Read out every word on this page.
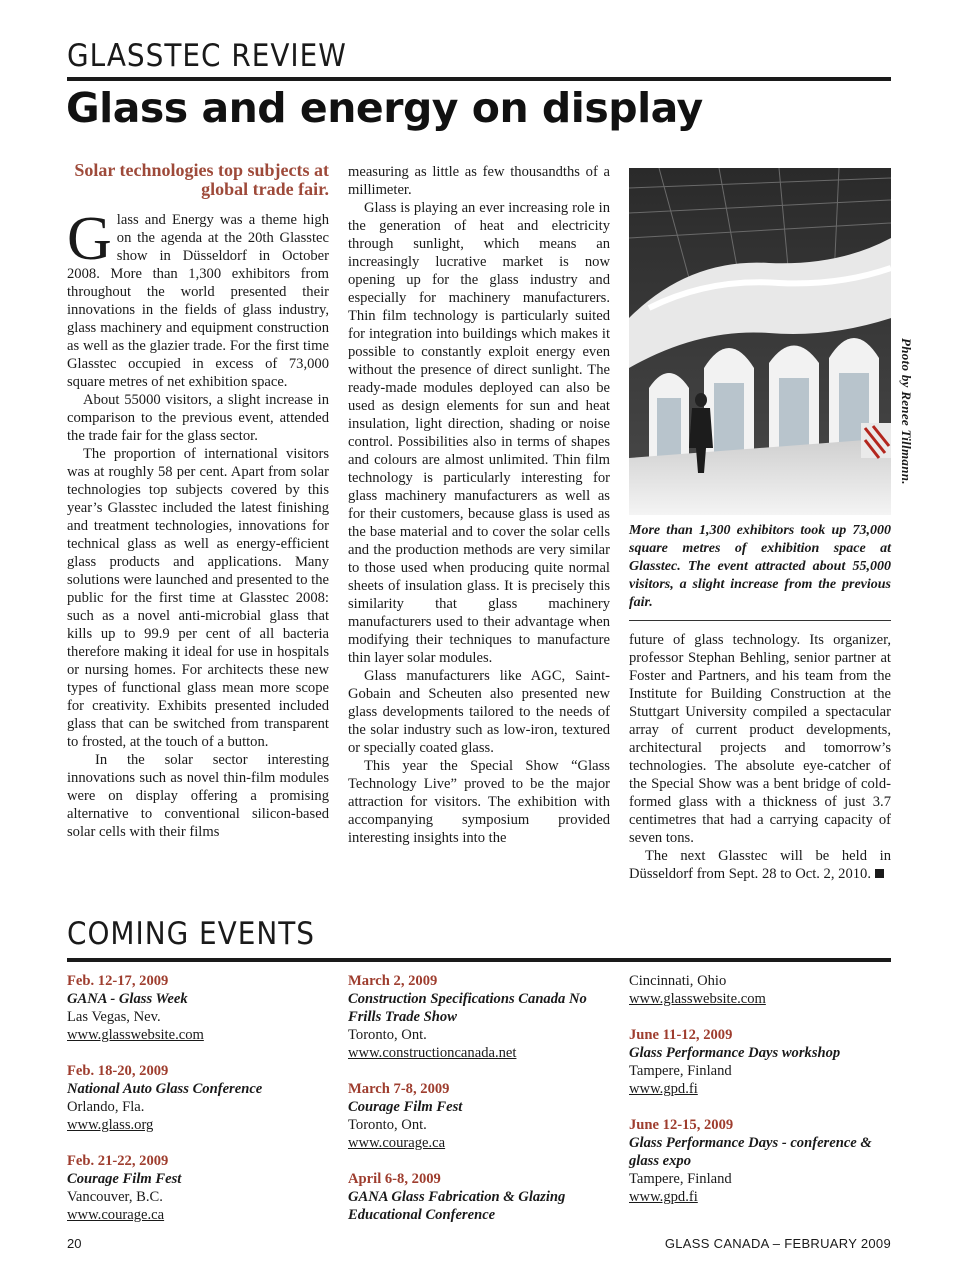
GLASSTEC REVIEW
Glass and energy on display
Solar technologies top subjects at global trade fair.

Glass and Energy was a theme high on the agenda at the 20th Glasstec show in Düsseldorf in October 2008. More than 1,300 exhibitors from throughout the world presented their innovations in the fields of glass industry, glass machinery and equipment construction as well as the glazier trade. For the first time Glasstec occupied in excess of 73,000 square metres of net exhibition space.

About 55000 visitors, a slight increase in comparison to the previous event, attended the trade fair for the glass sector.

The proportion of international visitors was at roughly 58 per cent. Apart from solar technologies top subjects covered by this year’s Glasstec included the latest finishing and treatment technologies, innovations for technical glass as well as energy-efficient glass products and applications. Many solutions were launched and presented to the public for the first time at Glasstec 2008: such as a novel anti-microbial glass that kills up to 99.9 per cent of all bacteria therefore making it ideal for use in hospitals or nursing homes. For architects these new types of functional glass mean more scope for creativity. Exhibits presented included glass that can be switched from transparent to frosted, at the touch of a button.

In the solar sector interesting innovations such as novel thin-film modules were on display offering a promising alternative to conventional silicon-based solar cells with their films

measuring as little as few thousandths of a millimeter.

Glass is playing an ever increasing role in the generation of heat and electricity through sunlight, which means an increasingly lucrative market is now opening up for the glass industry and especially for machinery manufacturers. Thin film technology is particularly suited for integration into buildings which makes it possible to constantly exploit energy even without the presence of direct sunlight. The ready-made modules deployed can also be used as design elements for sun and heat insulation, light direction, shading or noise control. Possibilities also in terms of shapes and colours are almost unlimited. Thin film technology is particularly interesting for glass machinery manufacturers as well as for their customers, because glass is used as the base material and to cover the solar cells and the production methods are very similar to those used when producing quite normal sheets of insulation glass. It is precisely this similarity that glass machinery manufacturers used to their advantage when modifying their techniques to manufacture thin layer solar modules.

Glass manufacturers like AGC, Saint-Gobain and Scheuten also presented new glass developments tailored to the needs of the solar industry such as low-iron, textured or specially coated glass.

This year the Special Show “Glass Technology Live” proved to be the major attraction for visitors. The exhibition with accompanying symposium provided interesting insights into the

Photo by Renee Tillmann.
More than 1,300 exhibitors took up 73,000 square metres of exhibition space at Glasstec. The event attracted about 55,000 visitors, a slight increase from the previous fair.

future of glass technology. Its organizer, professor Stephan Behling, senior partner at Foster and Partners, and his team from the Institute for Building Construction at the Stuttgart University compiled a spectacular array of current product developments, architectural projects and tomorrow’s technologies. The absolute eye-catcher of the Special Show was a bent bridge of cold-formed glass with a thickness of just 3.7 centimetres that had a carrying capacity of seven tons.

The next Glasstec will be held in Düsseldorf from Sept. 28 to Oct. 2, 2010.

COMING EVENTS
Feb. 12-17, 2009
GANA - Glass Week
Las Vegas, Nev.
www.glasswebsite.com
Feb. 18-20, 2009
National Auto Glass Conference
Orlando, Fla.
www.glass.org
Feb. 21-22, 2009
Courage Film Fest
Vancouver, B.C.
www.courage.ca
March 2, 2009
Construction Specifications Canada No Frills Trade Show
Toronto, Ont.
www.constructioncanada.net
March 7-8, 2009
Courage Film Fest
Toronto, Ont.
www.courage.ca
April 6-8, 2009
GANA Glass Fabrication & Glazing Educational Conference
Cincinnati, Ohio
www.glasswebsite.com
June 11-12, 2009
Glass Performance Days workshop
Tampere, Finland
www.gpd.fi
June 12-15, 2009
Glass Performance Days - conference & glass expo
Tampere, Finland
www.gpd.fi
20	GLASS CANADA – FEBRUARY 2009
